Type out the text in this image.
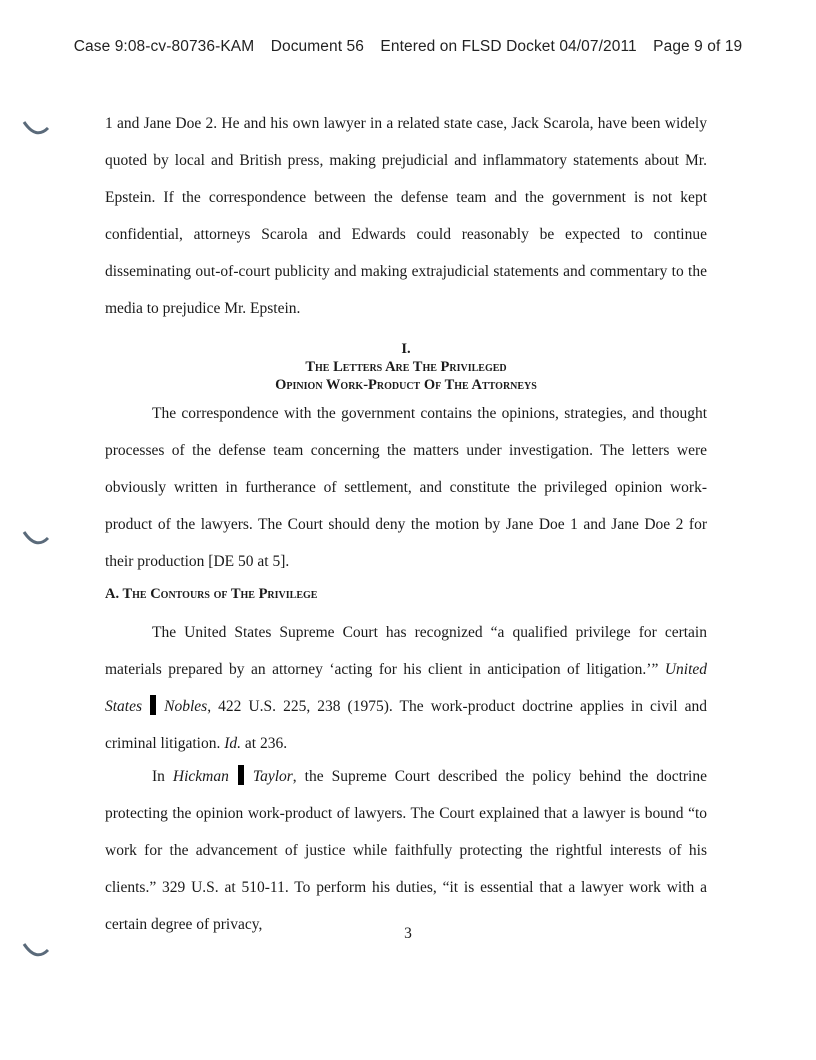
Case 9:08-cv-80736-KAM Document 56 Entered on FLSD Docket 04/07/2011 Page 9 of 19
1 and Jane Doe 2. He and his own lawyer in a related state case, Jack Scarola, have been widely quoted by local and British press, making prejudicial and inflammatory statements about Mr. Epstein. If the correspondence between the defense team and the government is not kept confidential, attorneys Scarola and Edwards could reasonably be expected to continue disseminating out-of-court publicity and making extrajudicial statements and commentary to the media to prejudice Mr. Epstein.
I.
The Letters Are The Privileged
Opinion Work-Product Of The Attorneys
The correspondence with the government contains the opinions, strategies, and thought processes of the defense team concerning the matters under investigation. The letters were obviously written in furtherance of settlement, and constitute the privileged opinion work-product of the lawyers. The Court should deny the motion by Jane Doe 1 and Jane Doe 2 for their production [DE 50 at 5].
A. The Contours of The Privilege
The United States Supreme Court has recognized “a qualified privilege for certain materials prepared by an attorney ‘acting for his client in anticipation of litigation.’” United States Nobles, 422 U.S. 225, 238 (1975). The work-product doctrine applies in civil and criminal litigation. Id. at 236.
In Hickman Taylor, the Supreme Court described the policy behind the doctrine protecting the opinion work-product of lawyers. The Court explained that a lawyer is bound “to work for the advancement of justice while faithfully protecting the rightful interests of his clients.” 329 U.S. at 510-11. To perform his duties, “it is essential that a lawyer work with a certain degree of privacy,
3
